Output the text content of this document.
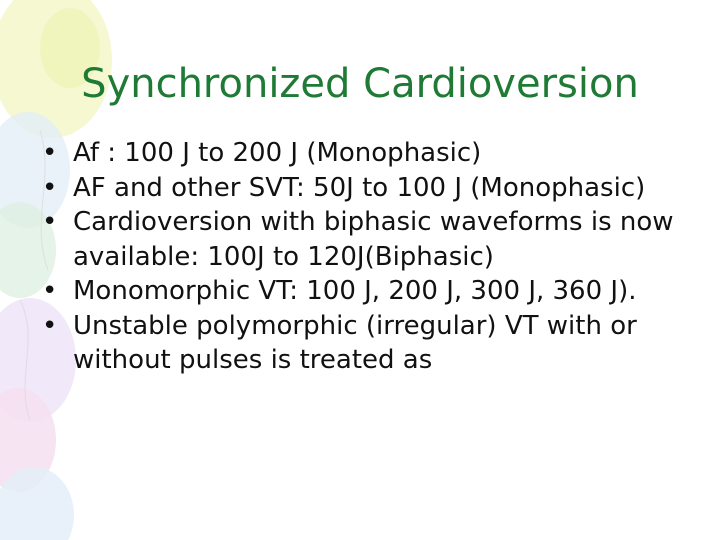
Synchronized Cardioversion
• Af : 100 J to 200 J (Monophasic)
• AF and other SVT: 50J to 100 J (Monophasic)
• Cardioversion with biphasic waveforms is now available: 100J to 120J(Biphasic)
• Monomorphic VT: 100 J, 200 J, 300 J, 360 J).
• Unstable polymorphic (irregular) VT with or without pulses is treated as
